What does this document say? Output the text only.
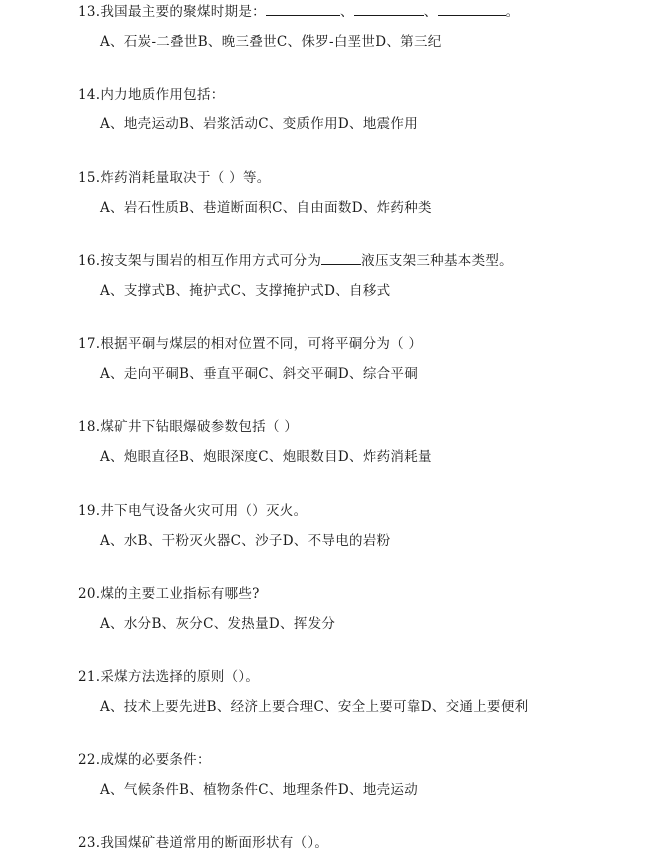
13.我国最主要的聚煤时期是：	、	、	。
A、石炭-二叠世B、晚三叠世C、侏罗-白垩世D、第三纪
14.内力地质作用包括：
A、地壳运动B、岩浆活动C、变质作用D、地震作用
15.炸药消耗量取决于（ ）等。
A、岩石性质B、巷道断面积C、自由面数D、炸药种类
16.按支架与围岩的相互作用方式可分为	液压支架三种基本类型。
A、支撑式B、掩护式C、支撑掩护式D、自移式
17.根据平硐与煤层的相对位置不同，可将平硐分为（ ）
A、走向平硐B、垂直平硐C、斜交平硐D、综合平硐
18.煤矿井下钻眼爆破参数包括（ ）
A、炮眼直径B、炮眼深度C、炮眼数目D、炸药消耗量
19.井下电气设备火灾可用（）灭火。
A、水B、干粉灭火器C、沙子D、不导电的岩粉
20.煤的主要工业指标有哪些?
A、水分B、灰分C、发热量D、挥发分
21.采煤方法选择的原则（）。
A、技术上要先进B、经济上要合理C、安全上要可靠D、交通上要便利
22.成煤的必要条件：
A、气候条件B、植物条件C、地理条件D、地壳运动
23.我国煤矿巷道常用的断面形状有（）。
